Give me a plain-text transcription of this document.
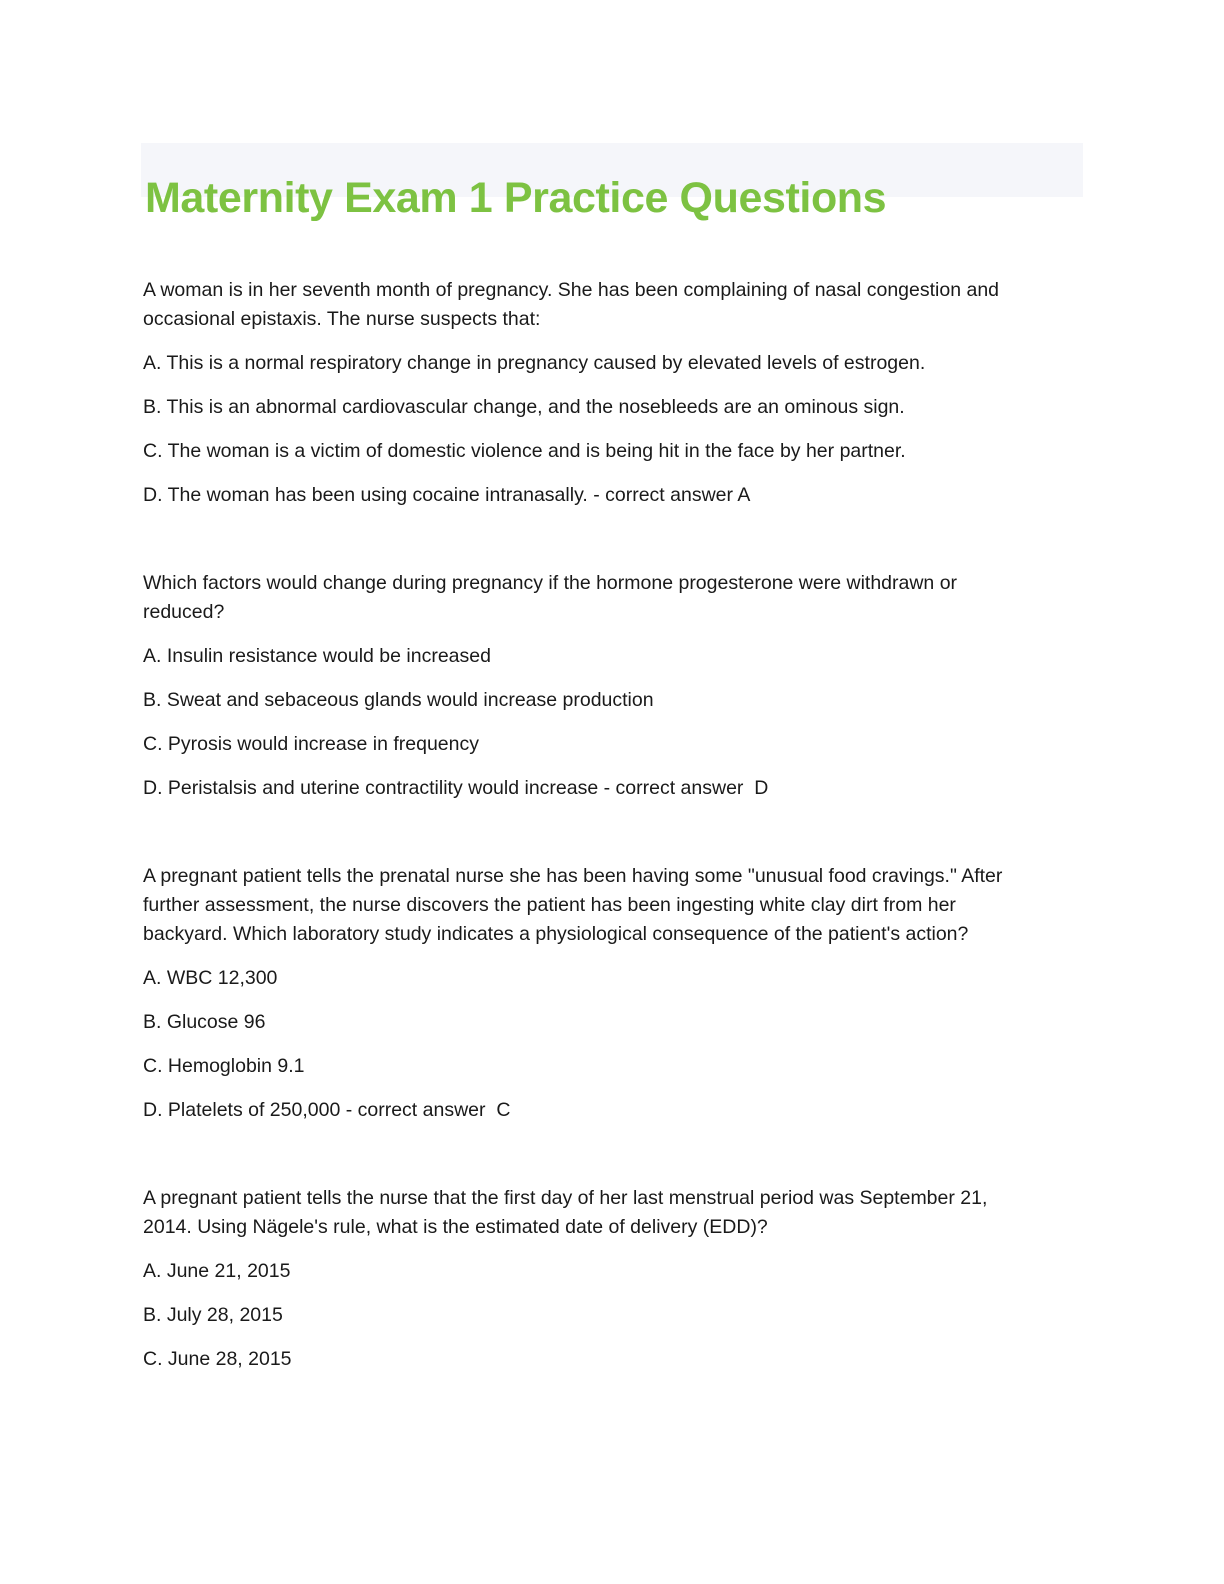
Maternity Exam 1 Practice Questions

A woman is in her seventh month of pregnancy. She has been complaining of nasal congestion and occasional epistaxis. The nurse suspects that:

A. This is a normal respiratory change in pregnancy caused by elevated levels of estrogen.

B. This is an abnormal cardiovascular change, and the nosebleeds are an ominous sign.

C. The woman is a victim of domestic violence and is being hit in the face by her partner.

D. The woman has been using cocaine intranasally. - correct answer A

Which factors would change during pregnancy if the hormone progesterone were withdrawn or reduced?

A. Insulin resistance would be increased

B. Sweat and sebaceous glands would increase production

C. Pyrosis would increase in frequency

D. Peristalsis and uterine contractility would increase - correct answer  D

A pregnant patient tells the prenatal nurse she has been having some "unusual food cravings." After further assessment, the nurse discovers the patient has been ingesting white clay dirt from her backyard. Which laboratory study indicates a physiological consequence of the patient's action?

A. WBC 12,300

B. Glucose 96

C. Hemoglobin 9.1

D. Platelets of 250,000 - correct answer  C

A pregnant patient tells the nurse that the first day of her last menstrual period was September 21, 2014. Using Nägele's rule, what is the estimated date of delivery (EDD)?

A. June 21, 2015

B. July 28, 2015

C. June 28, 2015
